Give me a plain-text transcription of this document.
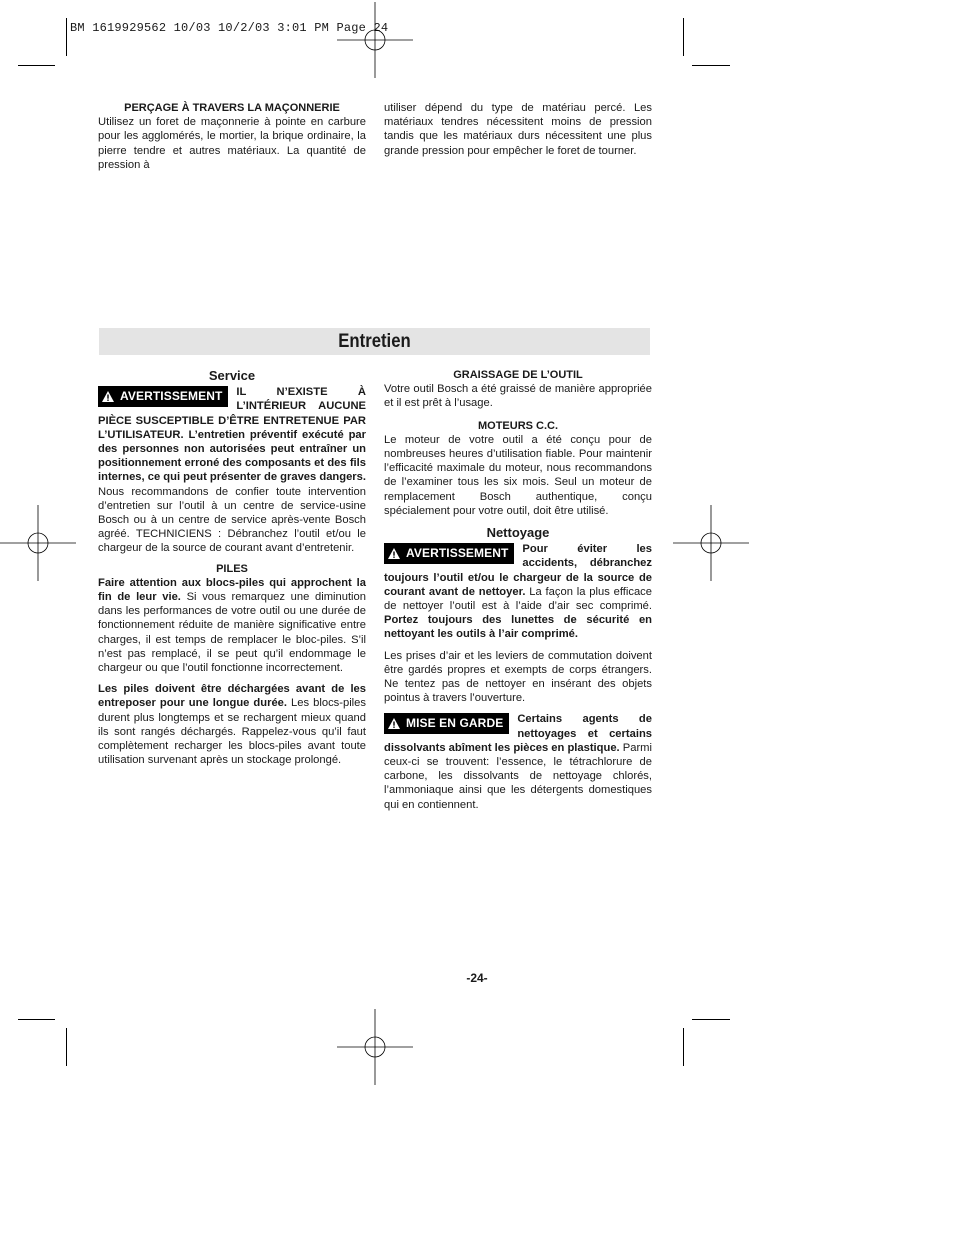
BM 1619929562 10/03 10/2/03 3:01 PM Page 24

PERÇAGE À TRAVERS LA MAÇONNERIE

Utilisez un foret de maçonnerie à pointe en carbure pour les agglomérés, le mortier, la brique ordinaire, la pierre tendre et autres matériaux. La quantité de pression à

utiliser dépend du type de matériau percé. Les matériaux tendres nécessitent moins de pression tandis que les matériaux durs nécessitent une plus grande pression pour empêcher le foret de tourner.

Entretien

Service

AVERTISSEMENT IL N’EXISTE À L’INTÉRIEUR AUCUNE PIÈCE SUSCEPTIBLE D’ÊTRE ENTRETENUE PAR L’UTILISATEUR. L’entretien préventif exécuté par des personnes non autorisées peut entraîner un positionnement erroné des composants et des fils internes, ce qui peut présenter de graves dangers. Nous recommandons de confier toute intervention d’entretien sur l’outil à un centre de service-usine Bosch ou à un centre de service après-vente Bosch agréé. TECHNICIENS : Débranchez l’outil et/ou le chargeur de la source de courant avant d’entretenir.

PILES

Faire attention aux blocs-piles qui approchent la fin de leur vie. Si vous remarquez une diminution dans les performances de votre outil ou une durée de fonctionnement réduite de manière significative entre charges, il est temps de remplacer le bloc-piles. S’il n’est pas remplacé, il se peut qu’il endommage le chargeur ou que l’outil fonctionne incorrectement.

Les piles doivent être déchargées avant de les entreposer pour une longue durée. Les blocs-piles durent plus longtemps et se rechargent mieux quand ils sont rangés déchargés. Rappelez-vous qu’il faut complètement recharger les blocs-piles avant toute utilisation survenant après un stockage prolongé.

GRAISSAGE DE L’OUTIL

Votre outil Bosch a été graissé de manière appropriée et il est prêt à l’usage.

MOTEURS C.C.

Le moteur de votre outil a été conçu pour de nombreuses heures d’utilisation fiable. Pour maintenir l’efficacité maximale du moteur, nous recommandons de l’examiner tous les six mois. Seul un moteur de remplacement Bosch authentique, conçu spécialement pour votre outil, doit être utilisé.

Nettoyage

AVERTISSEMENT Pour éviter les accidents, débranchez toujours l’outil et/ou le chargeur de la source de courant avant de nettoyer. La façon la plus efficace de nettoyer l’outil est à l’aide d’air sec comprimé. Portez toujours des lunettes de sécurité en nettoyant les outils à l’air comprimé.

Les prises d’air et les leviers de commutation doivent être gardés propres et exempts de corps étrangers. Ne tentez pas de nettoyer en insérant des objets pointus à travers l’ouverture.

MISE EN GARDE Certains agents de nettoyages et certains dissolvants abîment les pièces en plastique. Parmi ceux-ci se trouvent: l’essence, le tétrachlorure de carbone, les dissolvants de nettoyage chlorés, l’ammoniaque ainsi que les détergents domestiques qui en contiennent.

-24-
